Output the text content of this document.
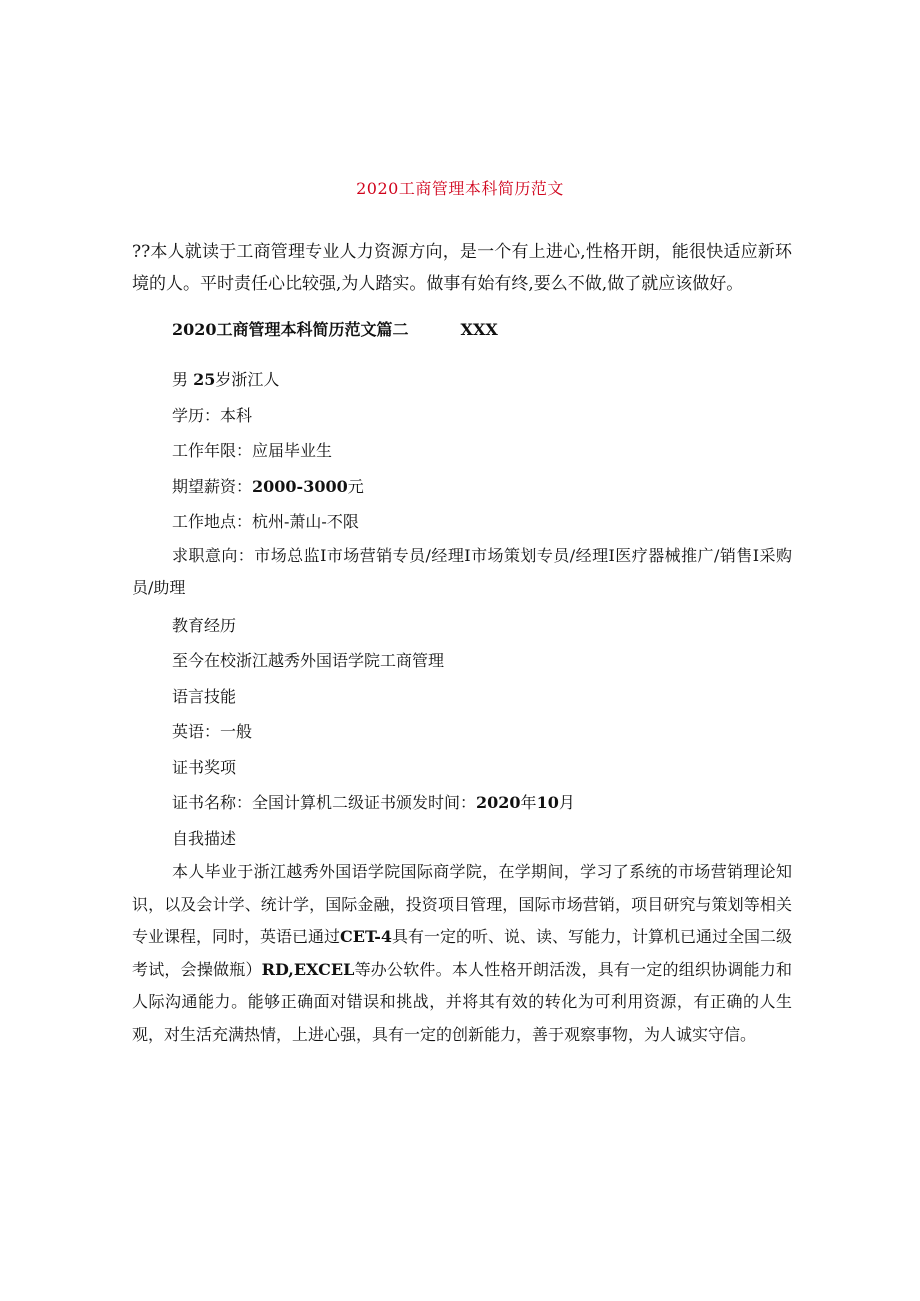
2020工商管理本科简历范文
??本人就读于工商管理专业人力资源方向，是一个有上进心,性格开朗，能很快适应新环境的人。平时责任心比较强,为人踏实。做事有始有终,要么不做,做了就应该做好。
2020工商管理本科简历范文篇二	XXX
男 25岁浙江人
学历：本科
工作年限：应届毕业生
期望薪资：2000-3000元
工作地点：杭州-萧山-不限
求职意向：市场总监I市场营销专员/经理I市场策划专员/经理I医疗器械推广/销售I采购员/助理
教育经历
至今在校浙江越秀外国语学院工商管理
语言技能
英语：一般
证书奖项
证书名称：全国计算机二级证书颁发时间：2020年10月
自我描述
本人毕业于浙江越秀外国语学院国际商学院，在学期间，学习了系统的市场营销理论知识，以及会计学、统计学，国际金融，投资项目管理，国际市场营销，项目研究与策划等相关专业课程，同时，英语已通过CET-4具有一定的听、说、读、写能力，计算机已通过全国二级考试，会操做瓶）RD,EXCEL等办公软件。本人性格开朗活泼，具有一定的组织协调能力和人际沟通能力。能够正确面对错误和挑战，并将其有效的转化为可利用资源，有正确的人生观，对生活充满热情，上进心强，具有一定的创新能力，善于观察事物，为人诚实守信。
